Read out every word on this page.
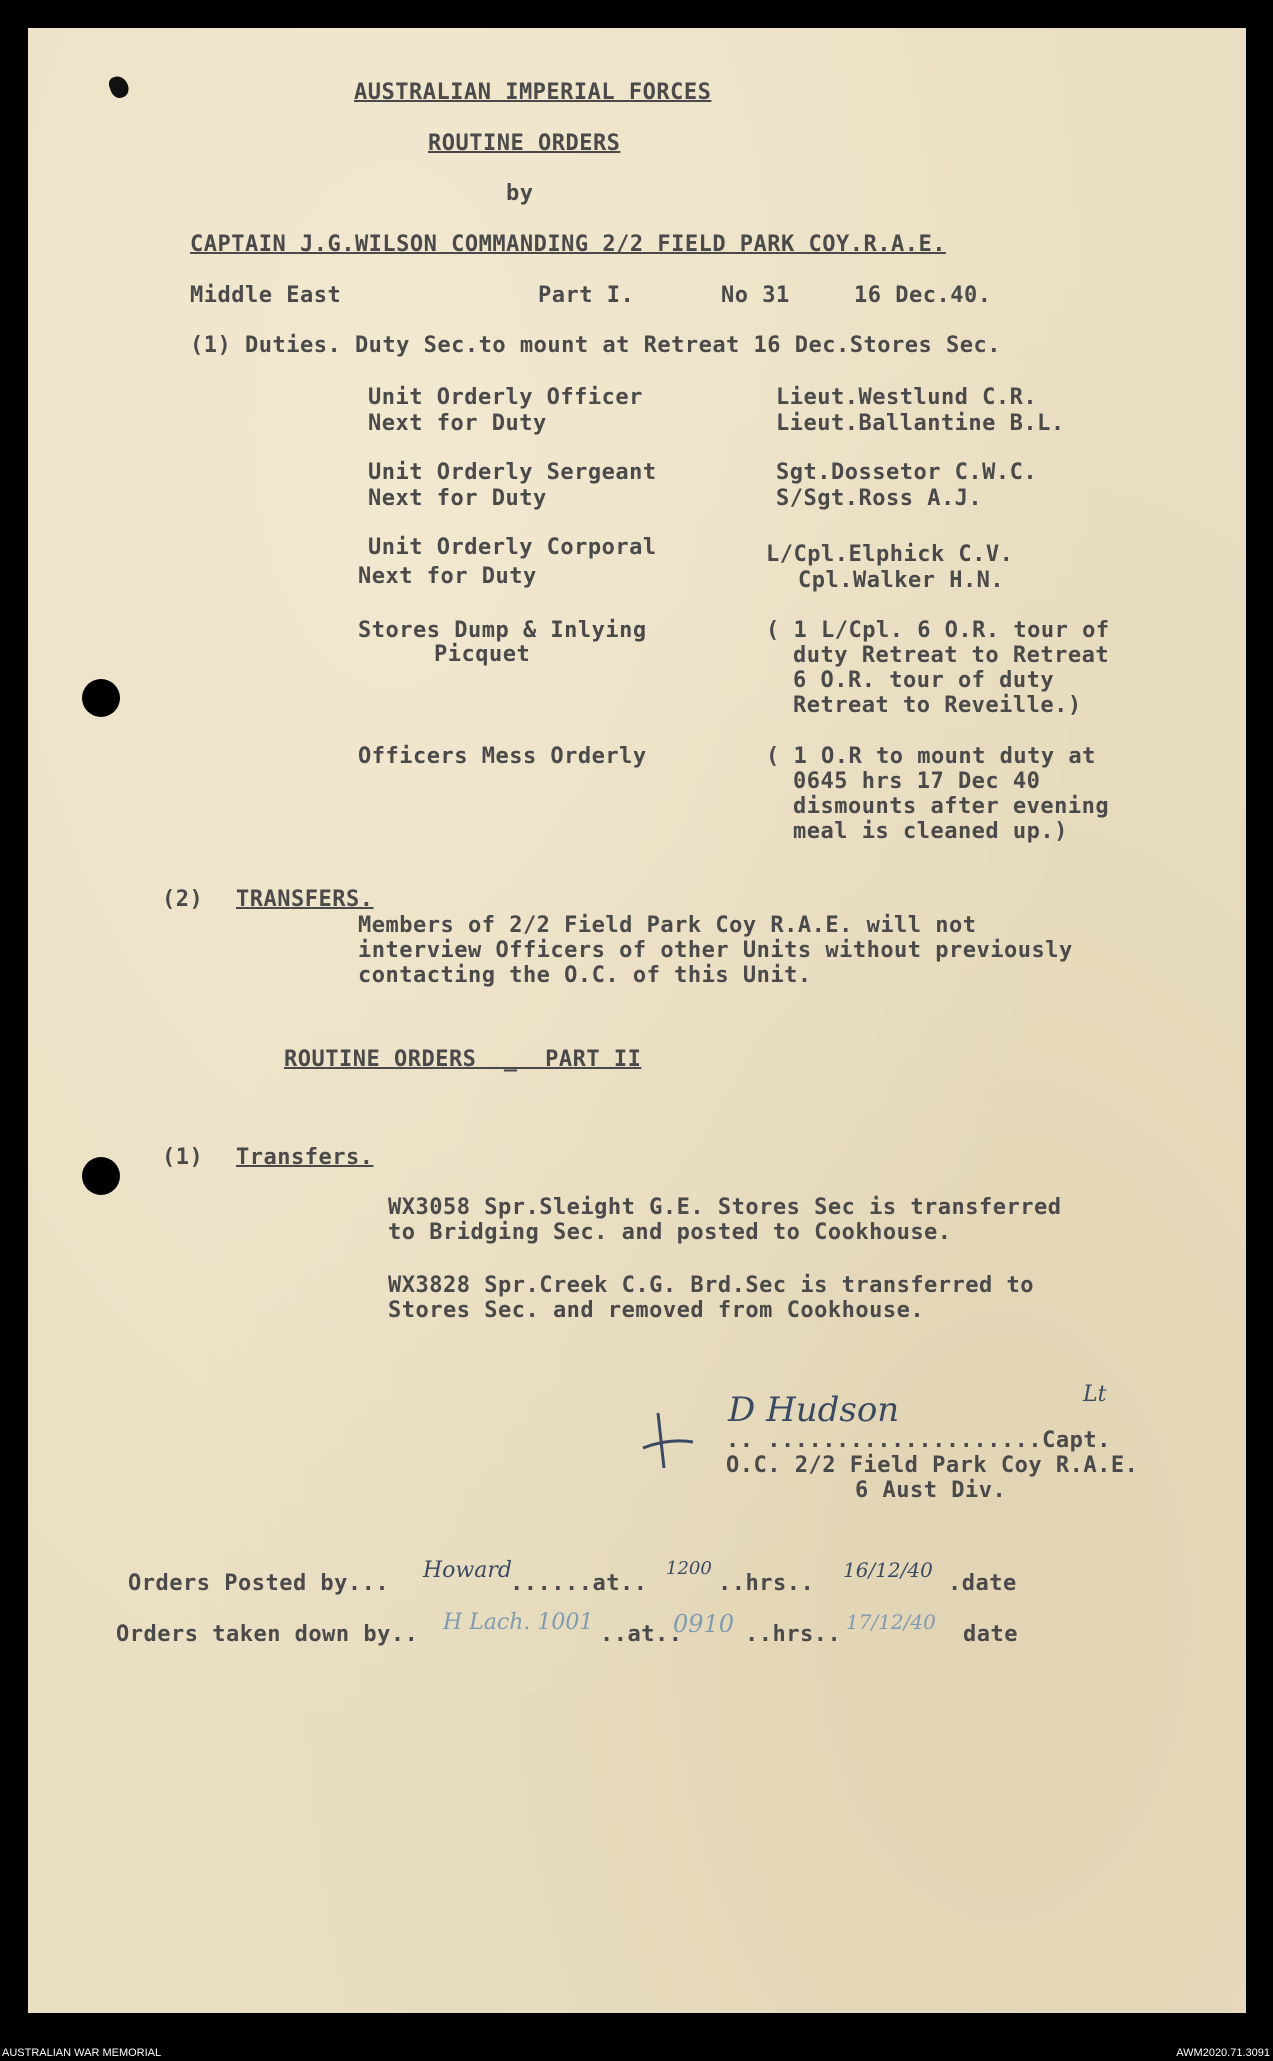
AUSTRALIAN IMPERIAL FORCES
ROUTINE ORDERS
by
CAPTAIN J.G.WILSON COMMANDING 2/2 FIELD PARK COY.R.A.E.
Middle East	Part I.	No 31	16 Dec.40.
(1) Duties. Duty Sec.to mount at Retreat 16 Dec.Stores Sec.
Unit Orderly Officer	Lieut.Westlund C.R.
Next for Duty	Lieut.Ballantine B.L.
Unit Orderly Sergeant	Sgt.Dossetor C.W.C.
Next for Duty	S/Sgt.Ross A.J.
Unit Orderly Corporal	L/Cpl.Elphick C.V.
Next for Duty	Cpl.Walker H.N.
Stores Dump & Inlying	( 1 L/Cpl. 6 O.R. tour of
Picquet	duty Retreat to Retreat
6 O.R. tour of duty
Retreat to Reveille.)
Officers Mess Orderly	( 1 O.R to mount duty at
0645 hrs 17 Dec 40
dismounts after evening
meal is cleaned up.)
(2) TRANSFERS.
Members of 2/2 Field Park Coy R.A.E. will not
interview Officers of other Units without previously
contacting the O.C. of this Unit.
ROUTINE ORDERS  _  PART II
(1) Transfers.
WX3058 Spr.Sleight G.E. Stores Sec is transferred
to Bridging Sec. and posted to Cookhouse.
WX3828 Spr.Creek C.G. Brd.Sec is transferred to
Stores Sec. and removed from Cookhouse.
D Hudson	Lt
.. ....................Capt.
O.C. 2/2 Field Park Coy R.A.E.
6 Aust Div.
Orders Posted by...
Howard
......at..
1200
..hrs..
16/12/40
.date
Orders taken down by.. H Lach. 1001 ..at..
0910 ..hrs.. 17/12/40 date
AUSTRALIAN WAR MEMORIAL	AWM2020.71.3091
